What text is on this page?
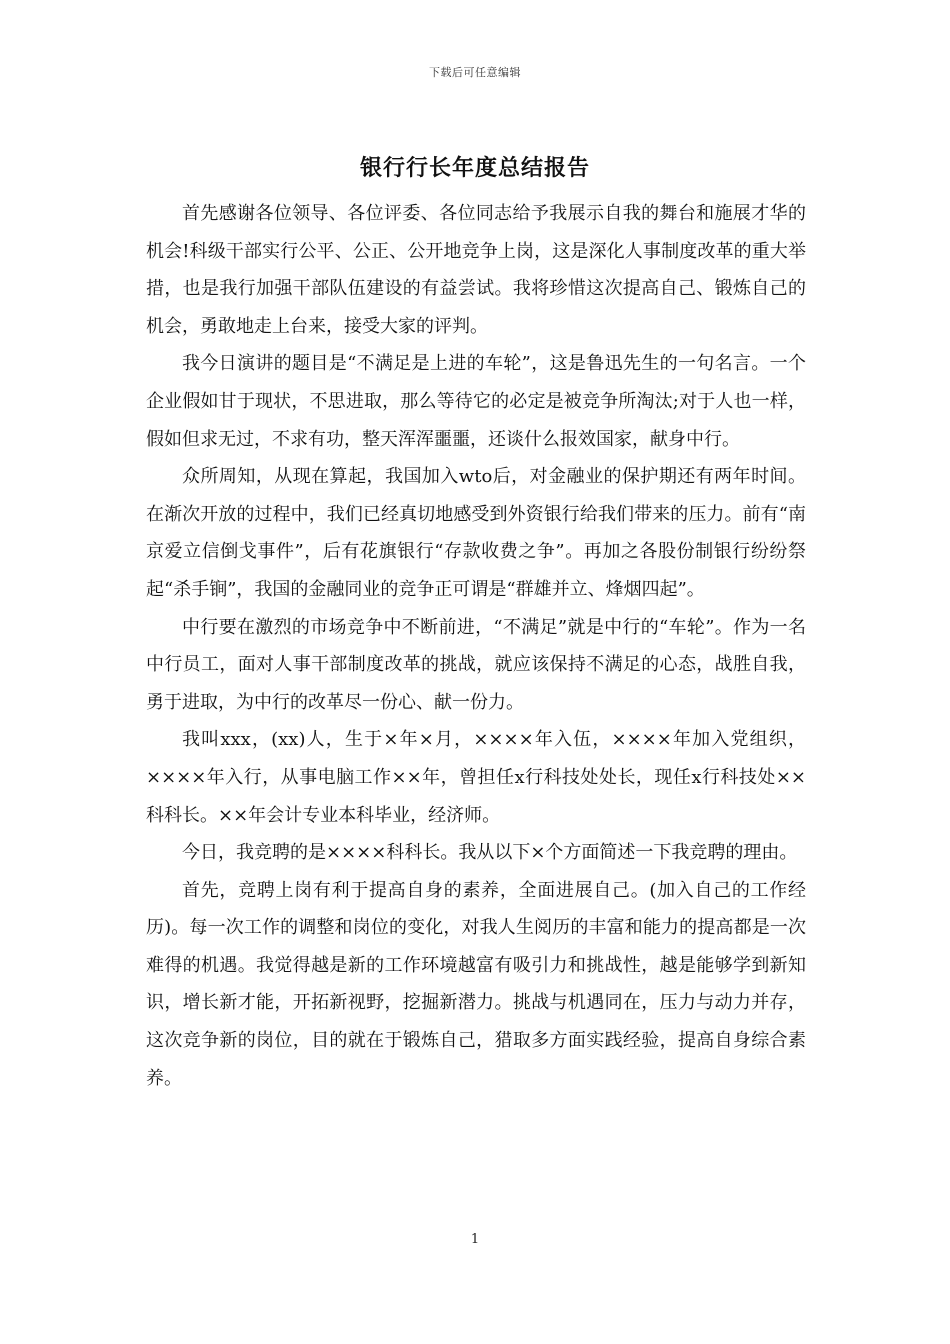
下载后可任意编辑
银行行长年度总结报告

首先感谢各位领导、各位评委、各位同志给予我展示自我的舞台和施展才华的机会!科级干部实行公平、公正、公开地竞争上岗，这是深化人事制度改革的重大举措，也是我行加强干部队伍建设的有益尝试。我将珍惜这次提高自己、锻炼自己的机会，勇敢地走上台来，接受大家的评判。

我今日演讲的题目是“不满足是上进的车轮”，这是鲁迅先生的一句名言。一个企业假如甘于现状，不思进取，那么等待它的必定是被竞争所淘汰;对于人也一样，假如但求无过，不求有功，整天浑浑噩噩，还谈什么报效国家，献身中行。

众所周知，从现在算起，我国加入wto后，对金融业的保护期还有两年时间。在渐次开放的过程中，我们已经真切地感受到外资银行给我们带来的压力。前有“南京爱立信倒戈事件”，后有花旗银行“存款收费之争”。再加之各股份制银行纷纷祭起“杀手锏”，我国的金融同业的竞争正可谓是“群雄并立、烽烟四起”。

中行要在激烈的市场竞争中不断前进，“不满足”就是中行的“车轮”。作为一名中行员工，面对人事干部制度改革的挑战，就应该保持不满足的心态，战胜自我，勇于进取，为中行的改革尽一份心、献一份力。

我叫xxx，(xx)人，生于×年×月，××××年入伍，××××年加入党组织，××××年入行，从事电脑工作××年，曾担任x行科技处处长，现任x行科技处××科科长。××年会计专业本科毕业，经济师。

今日，我竞聘的是××××科科长。我从以下×个方面简述一下我竞聘的理由。

首先，竞聘上岗有利于提高自身的素养，全面进展自己。(加入自己的工作经历)。每一次工作的调整和岗位的变化，对我人生阅历的丰富和能力的提高都是一次难得的机遇。我觉得越是新的工作环境越富有吸引力和挑战性，越是能够学到新知识，增长新才能，开拓新视野，挖掘新潜力。挑战与机遇同在，压力与动力并存，这次竞争新的岗位，目的就在于锻炼自己，猎取多方面实践经验，提高自身综合素养。

1
